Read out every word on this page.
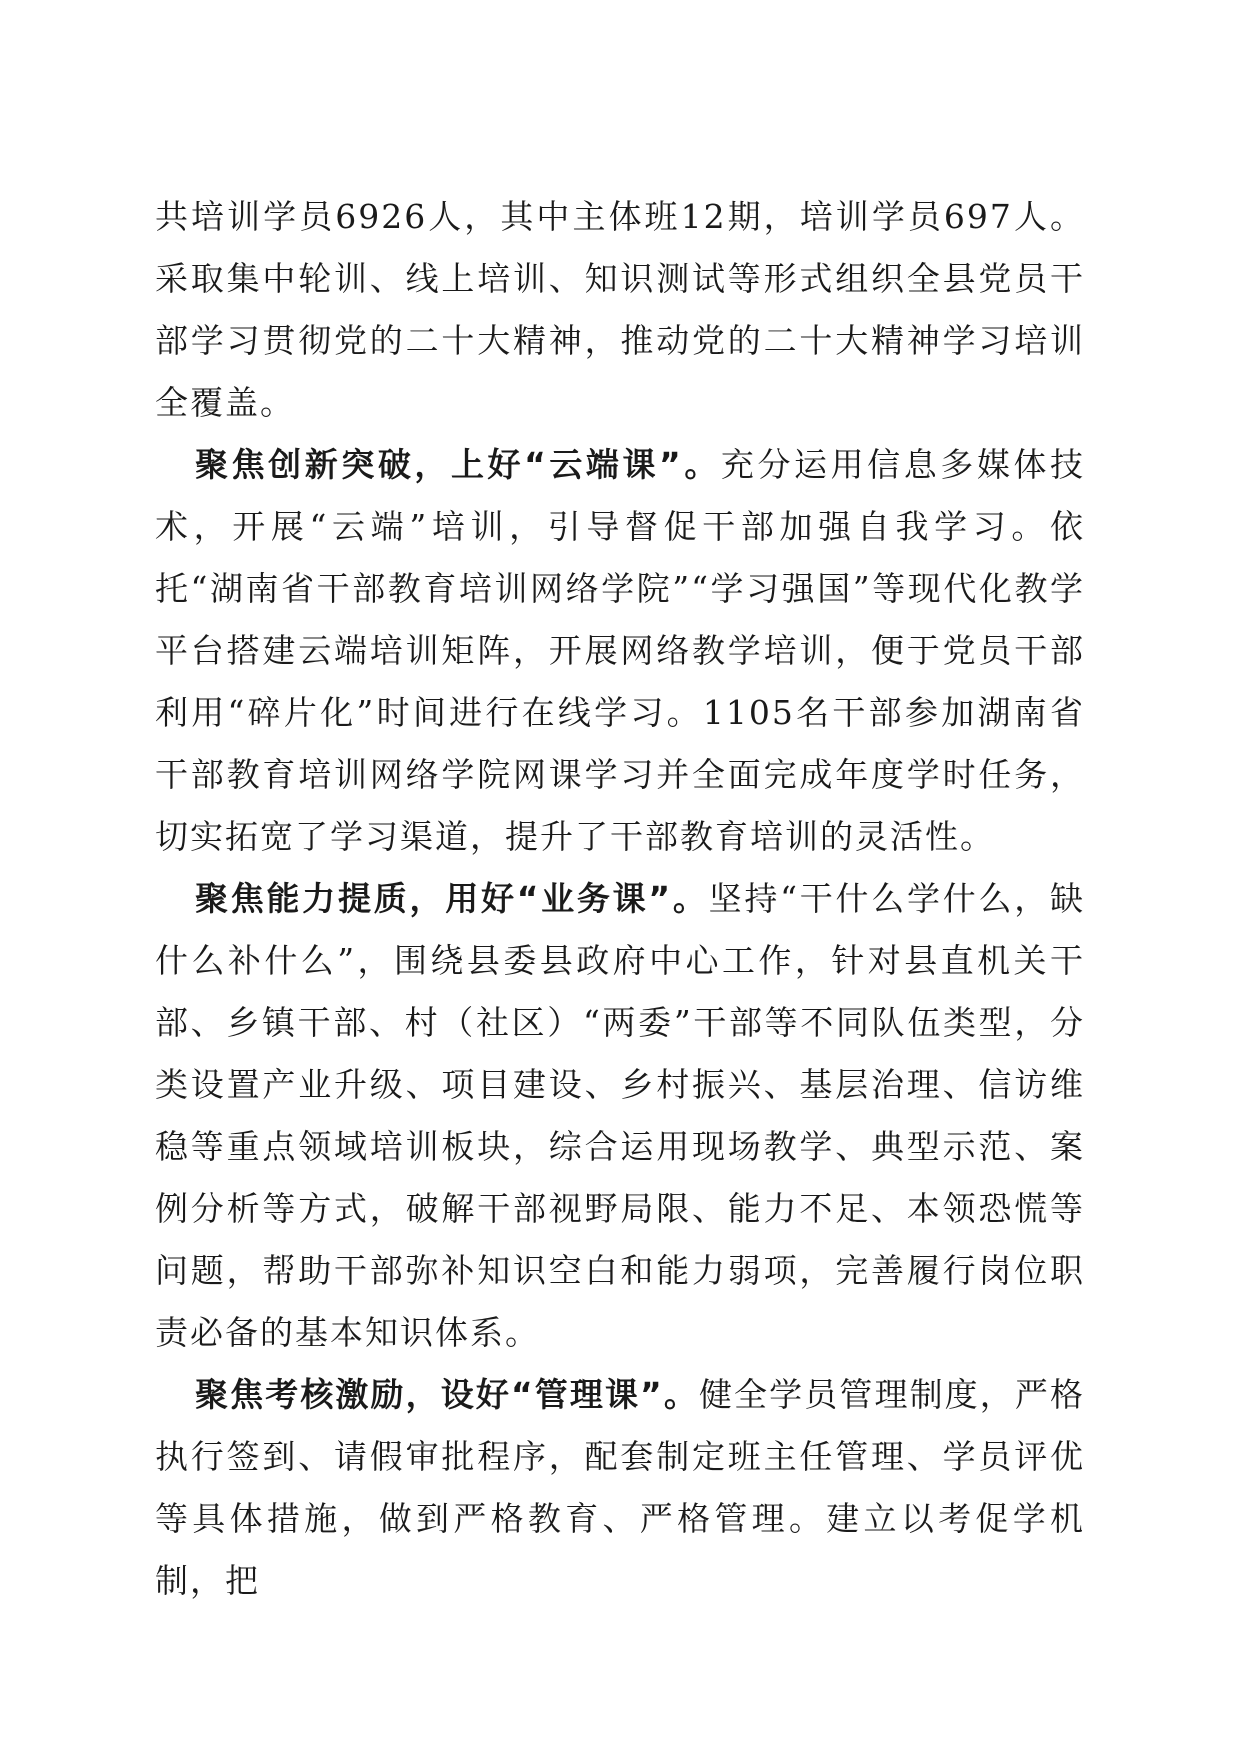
共培训学员6926人，其中主体班12期，培训学员697人。采取集中轮训、线上培训、知识测试等形式组织全县党员干部学习贯彻党的二十大精神，推动党的二十大精神学习培训全覆盖。

聚焦创新突破，上好“云端课”。充分运用信息多媒体技术，开展“云端”培训，引导督促干部加强自我学习。依托“湖南省干部教育培训网络学院”“学习强国”等现代化教学平台搭建云端培训矩阵，开展网络教学培训，便于党员干部利用“碎片化”时间进行在线学习。1105名干部参加湖南省干部教育培训网络学院网课学习并全面完成年度学时任务，切实拓宽了学习渠道，提升了干部教育培训的灵活性。

聚焦能力提质，用好“业务课”。坚持“干什么学什么，缺什么补什么”，围绕县委县政府中心工作，针对县直机关干部、乡镇干部、村（社区）“两委”干部等不同队伍类型，分类设置产业升级、项目建设、乡村振兴、基层治理、信访维稳等重点领域培训板块，综合运用现场教学、典型示范、案例分析等方式，破解干部视野局限、能力不足、本领恐慌等问题，帮助干部弥补知识空白和能力弱项，完善履行岗位职责必备的基本知识体系。

聚焦考核激励，设好“管理课”。健全学员管理制度，严格执行签到、请假审批程序，配套制定班主任管理、学员评优等具体措施，做到严格教育、严格管理。建立以考促学机制，把
